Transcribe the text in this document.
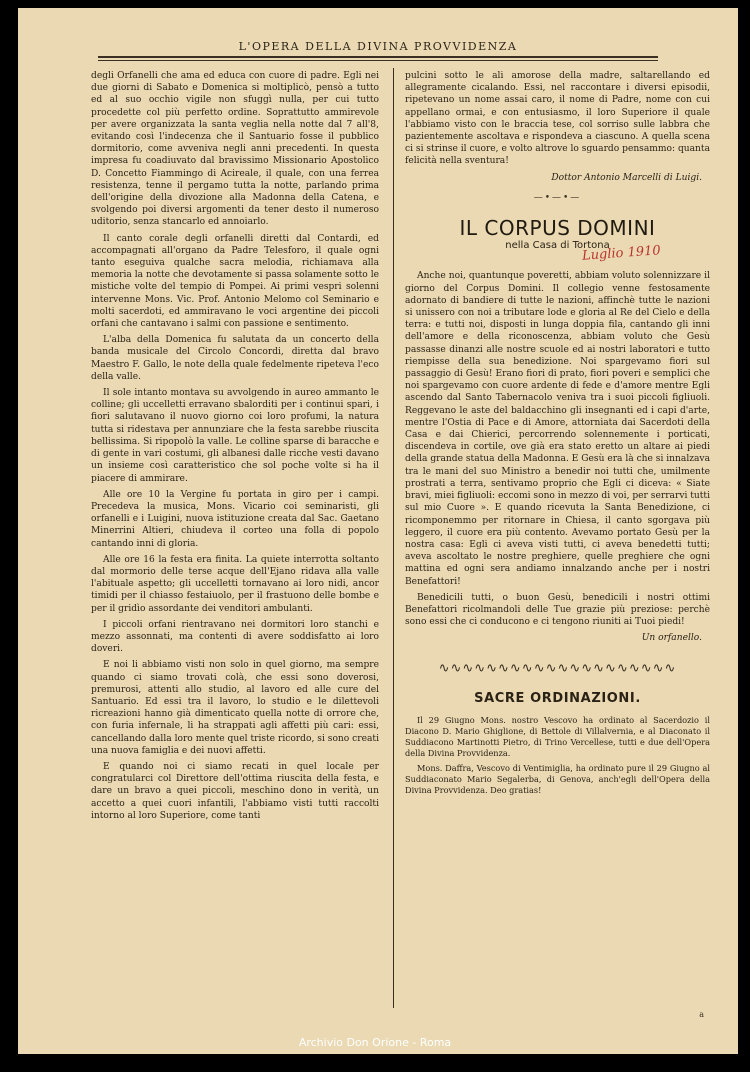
L'OPERA DELLA DIVINA PROVVIDENZA

degli Orfanelli che ama ed educa con cuore di padre. Egli nei due giorni di Sabato e Domenica si moltiplicò, pensò a tutto ed al suo occhio vigile non sfuggì nulla, per cui tutto procedette col più perfetto ordine. Soprattutto ammirevole per avere organizzata la santa veglia nella notte dal 7 all'8, evitando così l'indecenza che il Santuario fosse il pubblico dormitorio, come avveniva negli anni precedenti. In questa impresa fu coadiuvato dal bravissimo Missionario Apostolico D. Concetto Fiammingo di Acireale, il quale, con una ferrea resistenza, tenne il pergamo tutta la notte, parlando prima dell'origine della divozione alla Madonna della Catena, e svolgendo poi diversi argomenti da tener desto il numeroso uditorio, senza stancarlo ed annoiarlo.

Il canto corale degli orfanelli diretti dal Contardi, ed accompagnati all'organo da Padre Telesforo, il quale ogni tanto eseguiva qualche sacra melodia, richiamava alla memoria la notte che devotamente si passa solamente sotto le mistiche volte del tempio di Pompei. Ai primi vespri solenni intervenne Mons. Vic. Prof. Antonio Melomo col Seminario e molti sacerdoti, ed ammiravano le voci argentine dei piccoli orfani che cantavano i salmi con passione e sentimento.

L'alba della Domenica fu salutata da un concerto della banda musicale del Circolo Concordi, diretta dal bravo Maestro F. Gallo, le note della quale fedelmente ripeteva l'eco della valle.

Il sole intanto montava su avvolgendo in aureo ammanto le colline; gli uccelletti erravano sbalorditi per i continui spari, i fiori salutavano il nuovo giorno coi loro profumi, la natura tutta si ridestava per annunziare che la festa sarebbe riuscita bellissima. Si ripopolò la valle. Le colline sparse di baracche e di gente in vari costumi, gli albanesi dalle ricche vesti davano un insieme così caratteristico che sol poche volte si ha il piacere di ammirare.

Alle ore 10 la Vergine fu portata in giro per i campi. Precedeva la musica, Mons. Vicario coi seminaristi, gli orfanelli e i Luigini, nuova istituzione creata dal Sac. Gaetano Minerrini Altieri, chiudeva il corteo una folla di popolo cantando inni di gloria.

Alle ore 16 la festa era finita. La quiete interrotta soltanto dal mormorio delle terse acque dell'Ejano ridava alla valle l'abituale aspetto; gli uccelletti tornavano ai loro nidi, ancor timidi per il chiasso festaiuolo, per il frastuono delle bombe e per il gridìo assordante dei venditori ambulanti.

I piccoli orfani rientravano nei dormitori loro stanchi e mezzo assonnati, ma contenti di avere soddisfatto ai loro doveri.

E noi li abbiamo visti non solo in quel giorno, ma sempre quando ci siamo trovati colà, che essi sono doverosi, premurosi, attenti allo studio, al lavoro ed alle cure del Santuario. Ed essi tra il lavoro, lo studio e le dilettevoli ricreazioni hanno già dimenticato quella notte di orrore che, con furia infernale, li ha strappati agli affetti più cari: essi, cancellando dalla loro mente quel triste ricordo, si sono creati una nuova famiglia e dei nuovi affetti.

E quando noi ci siamo recati in quel locale per congratularci col Direttore dell'ottima riuscita della festa, e dare un bravo a quei piccoli, meschino dono in verità, un accetto a quei cuori infantili, l'abbiamo visti tutti raccolti intorno al loro Superiore, come tanti

pulcini sotto le ali amorose della madre, saltarellando ed allegramente cicalando. Essi, nel raccontare i diversi episodii, ripetevano un nome assai caro, il nome di Padre, nome con cui appellano ormai, e con entusiasmo, il loro Superiore il quale l'abbiamo visto con le braccia tese, col sorriso sulle labbra che pazientemente ascoltava e rispondeva a ciascuno. A quella scena ci si strinse il cuore, e volto altrove lo sguardo pensammo: quanta felicità nella sventura!

Dottor Antonio Marcelli di Luigi.
—•—•—
IL CORPUS DOMINI
nella Casa di Tortona

Anche noi, quantunque poveretti, abbiam voluto solennizzare il giorno del Corpus Domini. Il collegio venne festosamente adornato di bandiere di tutte le nazioni, affinchè tutte le nazioni si unissero con noi a tributare lode e gloria al Re del Cielo e della terra: e tutti noi, disposti in lunga doppia fila, cantando gli inni dell'amore e della riconoscenza, abbiam voluto che Gesù passasse dinanzi alle nostre scuole ed ai nostri laboratori e tutto riempisse della sua benedizione. Noi spargevamo fiori sul passaggio di Gesù! Erano fiori di prato, fiori poveri e semplici che noi spargevamo con cuore ardente di fede e d'amore mentre Egli ascendo dal Santo Tabernacolo veniva tra i suoi piccoli figliuoli. Reggevano le aste del baldacchino gli insegnanti ed i capi d'arte, mentre l'Ostia di Pace e di Amore, attorniata dai Sacerdoti della Casa e dai Chierici, percorrendo solennemente i porticati, discendeva in cortile, ove già era stato eretto un altare ai piedi della grande statua della Madonna. E Gesù era là che si innalzava tra le mani del suo Ministro a benedir noi tutti che, umilmente prostrati a terra, sentivamo proprio che Egli ci diceva: « Siate bravi, miei figliuoli: eccomi sono in mezzo di voi, per serrarvi tutti sul mio Cuore ». E quando ricevuta la Santa Benedizione, ci ricomponemmo per ritornare in Chiesa, il canto sgorgava più leggero, il cuore era più contento. Avevamo portato Gesù per la nostra casa: Egli ci aveva visti tutti, ci aveva benedetti tutti; aveva ascoltato le nostre preghiere, quelle preghiere che ogni mattina ed ogni sera andiamo innalzando anche per i nostri Benefattori!

Benedicili tutti, o buon Gesù, benedicili i nostri ottimi Benefattori ricolmandoli delle Tue grazie più preziose: perchè sono essi che ci conducono e ci tengono riuniti ai Tuoi piedi!

Un orfanello.
∿∿∿∿∿∿∿∿∿∿∿∿∿∿∿∿∿∿∿∿
SACRE ORDINAZIONI.

Il 29 Giugno Mons. nostro Vescovo ha ordinato al Sacerdozio il Diacono D. Mario Ghiglione, di Bettole di Villalvernia, e al Diaconato il Suddiacono Martinotti Pietro, di Trino Vercellese, tutti e due dell'Opera della Divina Provvidenza.

Mons. Daffra, Vescovo di Ventimiglia, ha ordinato pure il 29 Giugno al Suddiaconato Mario Segalerba, di Genova, anch'egli dell'Opera della Divina Provvidenza. Deo gratias!

Luglio 1910
a
Archivio Don Orione - Roma
